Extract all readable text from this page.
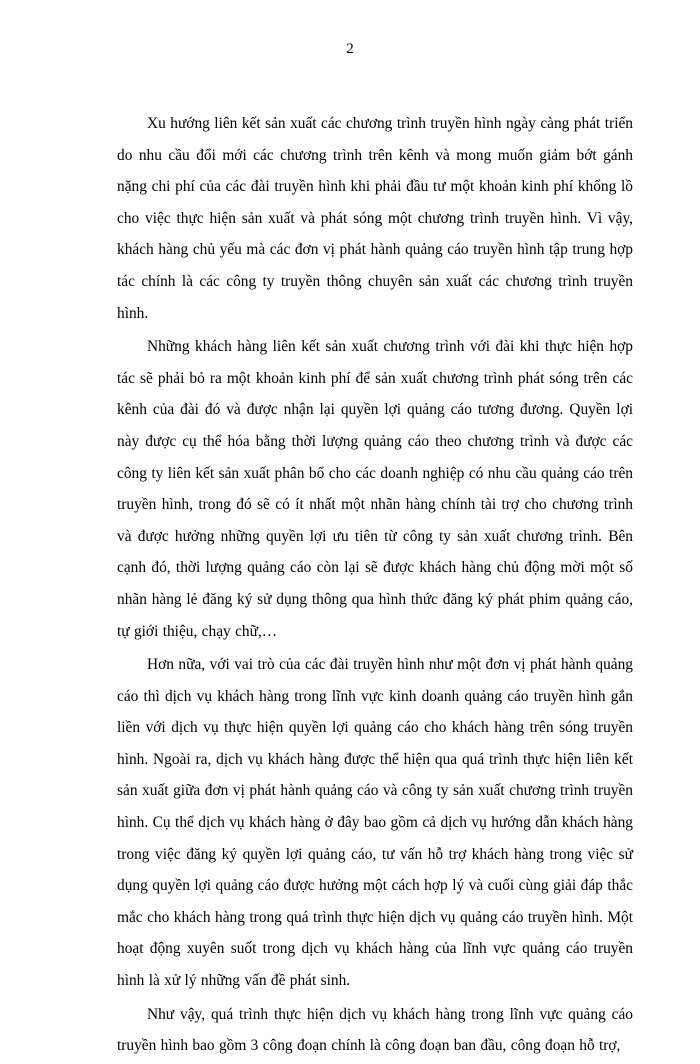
2

Xu hướng liên kết sản xuất các chương trình truyền hình ngày càng phát triển do nhu cầu đổi mới các chương trình trên kênh và mong muốn giảm bớt gánh nặng chi phí của các đài truyền hình khi phải đầu tư một khoản kinh phí khổng lồ cho việc thực hiện sản xuất và phát sóng một chương trình truyền hình. Vì vậy, khách hàng chủ yếu mà các đơn vị phát hành quảng cáo truyền hình tập trung hợp tác chính là các công ty truyền thông chuyên sản xuất các chương trình truyền hình.

Những khách hàng liên kết sản xuất chương trình với đài khi thực hiện hợp tác sẽ phải bỏ ra một khoản kinh phí để sản xuất chương trình phát sóng trên các kênh của đài đó và được nhận lại quyền lợi quảng cáo tương đương. Quyền lợi này được cụ thể hóa bằng thời lượng quảng cáo theo chương trình và được các công ty liên kết sản xuất phân bổ cho các doanh nghiệp có nhu cầu quảng cáo trên truyền hình, trong đó sẽ có ít nhất một nhãn hàng chính tài trợ cho chương trình và được hưởng những quyền lợi ưu tiên từ công ty sản xuất chương trình. Bên cạnh đó, thời lượng quảng cáo còn lại sẽ được khách hàng chủ động mời một số nhãn hàng lẻ đăng ký sử dụng thông qua hình thức đăng ký phát phim quảng cáo, tự giới thiệu, chạy chữ,…

Hơn nữa, với vai trò của các đài truyền hình như một đơn vị phát hành quảng cáo thì dịch vụ khách hàng trong lĩnh vực kinh doanh quảng cáo truyền hình gắn liền với dịch vụ thực hiện quyền lợi quảng cáo cho khách hàng trên sóng truyền hình. Ngoài ra, dịch vụ khách hàng được thể hiện qua quá trình thực hiện liên kết sản xuất giữa đơn vị phát hành quảng cáo và công ty sản xuất chương trình truyền hình. Cụ thể dịch vụ khách hàng ở đây bao gồm cả dịch vụ hướng dẫn khách hàng trong việc đăng ký quyền lợi quảng cáo, tư vấn hỗ trợ khách hàng trong việc sử dụng quyền lợi quảng cáo được hưởng một cách hợp lý và cuối cùng giải đáp thắc mắc cho khách hàng trong quá trình thực hiện dịch vụ quảng cáo truyền hình. Một hoạt động xuyên suốt trong dịch vụ khách hàng của lĩnh vực quảng cáo truyền hình là xử lý những vấn đề phát sinh.

Như vậy, quá trình thực hiện dịch vụ khách hàng trong lĩnh vực quảng cáo truyền hình bao gồm 3 công đoạn chính là công đoạn ban đầu, công đoạn hỗ trợ,
